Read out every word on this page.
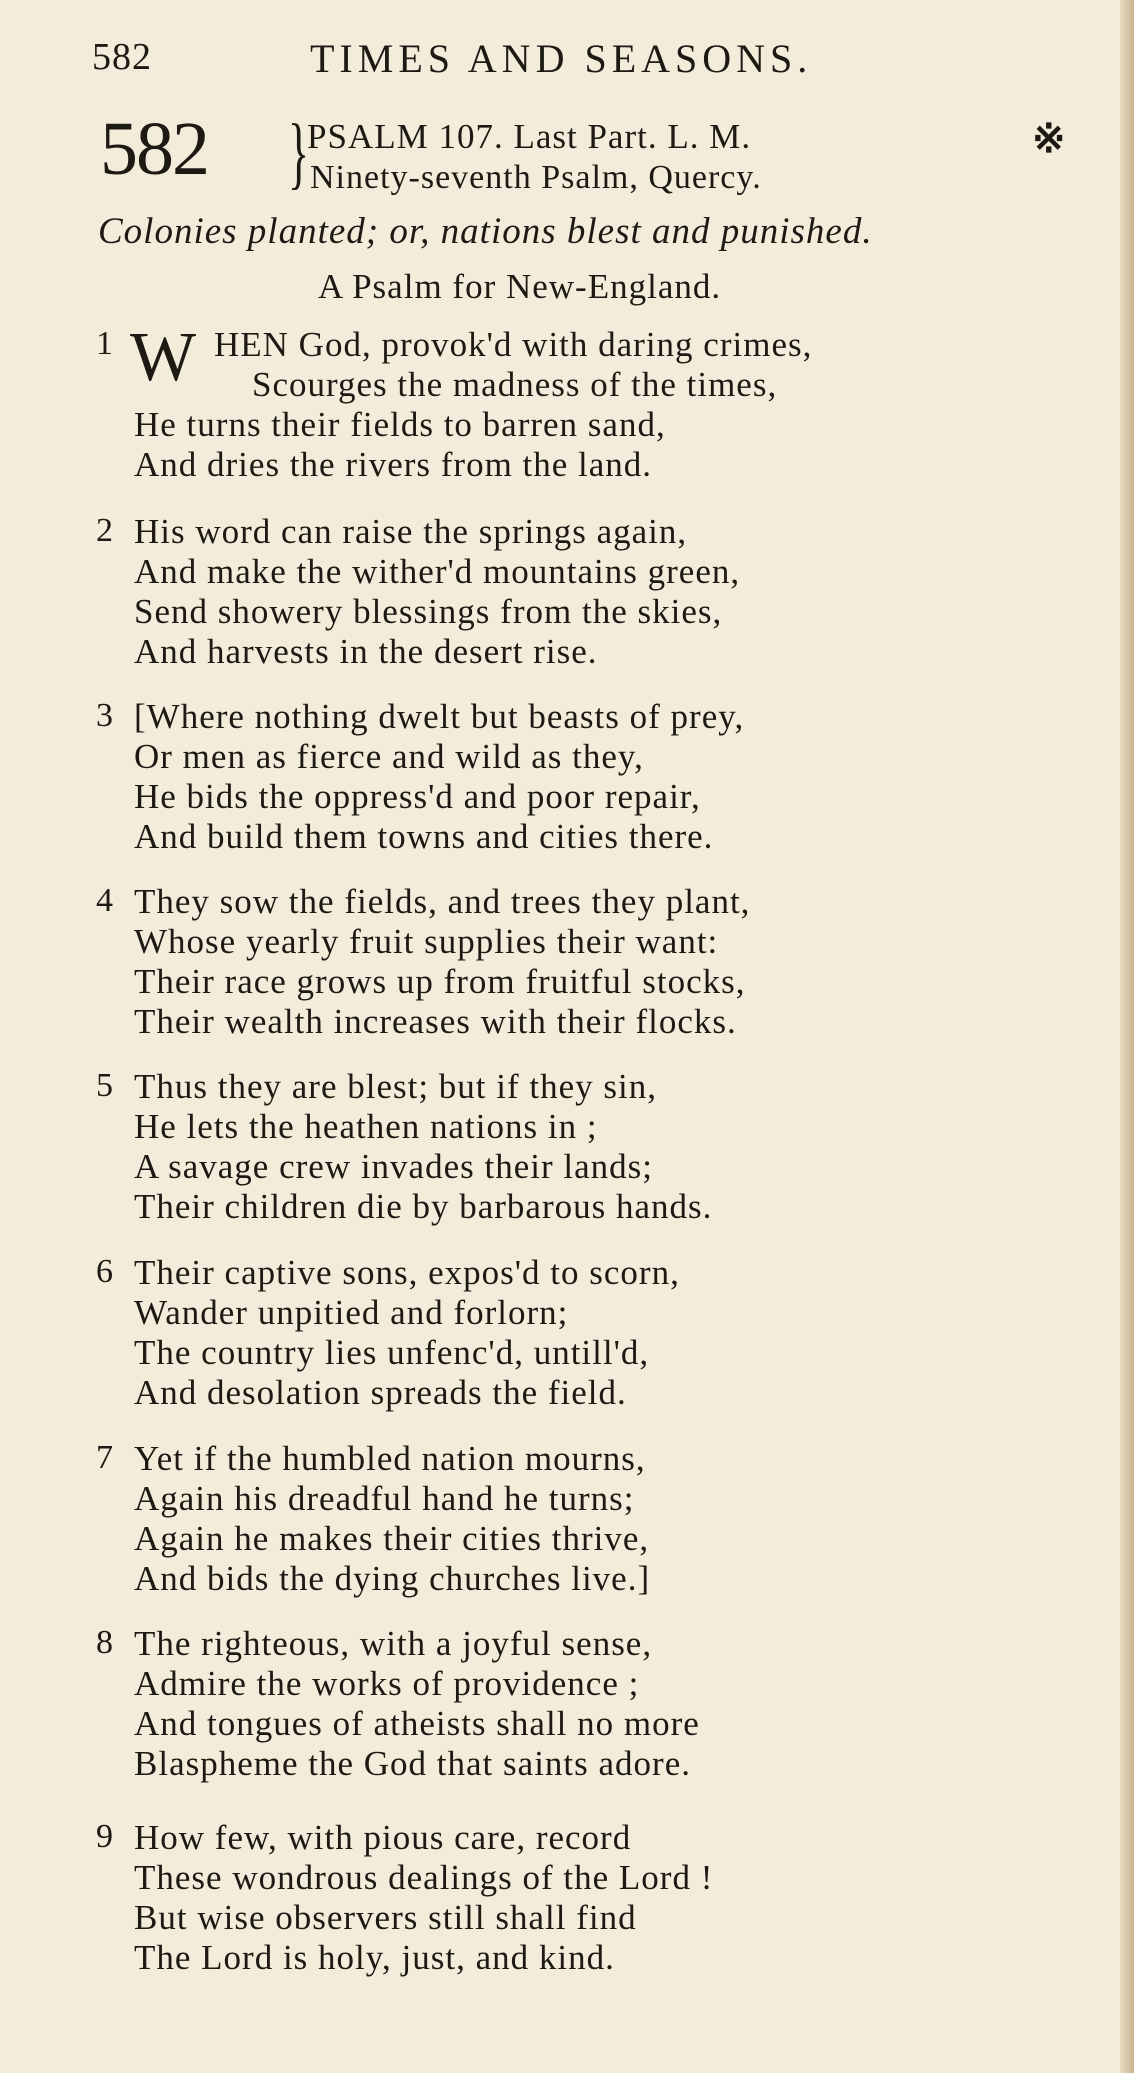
582	TIMES AND SEASONS.
582 }
PSALM 107. Last Part. L. M.
Ninety-seventh Psalm, Quercy.
※
Colonies planted; or, nations blest and punished.
A Psalm for New-England.
1 W HEN God, provok'd with daring crimes,
Scourges the madness of the times,
He turns their fields to barren sand,
And dries the rivers from the land.
2 His word can raise the springs again,
And make the wither'd mountains green,
Send showery blessings from the skies,
And harvests in the desert rise.
3 [Where nothing dwelt but beasts of prey,
Or men as fierce and wild as they,
He bids the oppress'd and poor repair,
And build them towns and cities there.
4 They sow the fields, and trees they plant,
Whose yearly fruit supplies their want:
Their race grows up from fruitful stocks,
Their wealth increases with their flocks.
5 Thus they are blest; but if they sin,
He lets the heathen nations in ;
A savage crew invades their lands;
Their children die by barbarous hands.
6 Their captive sons, expos'd to scorn,
Wander unpitied and forlorn;
The country lies unfenc'd, untill'd,
And desolation spreads the field.
7 Yet if the humbled nation mourns,
Again his dreadful hand he turns;
Again he makes their cities thrive,
And bids the dying churches live.]
8 The righteous, with a joyful sense,
Admire the works of providence ;
And tongues of atheists shall no more
Blaspheme the God that saints adore.
9 How few, with pious care, record
These wondrous dealings of the Lord !
But wise observers still shall find
The Lord is holy, just, and kind.
